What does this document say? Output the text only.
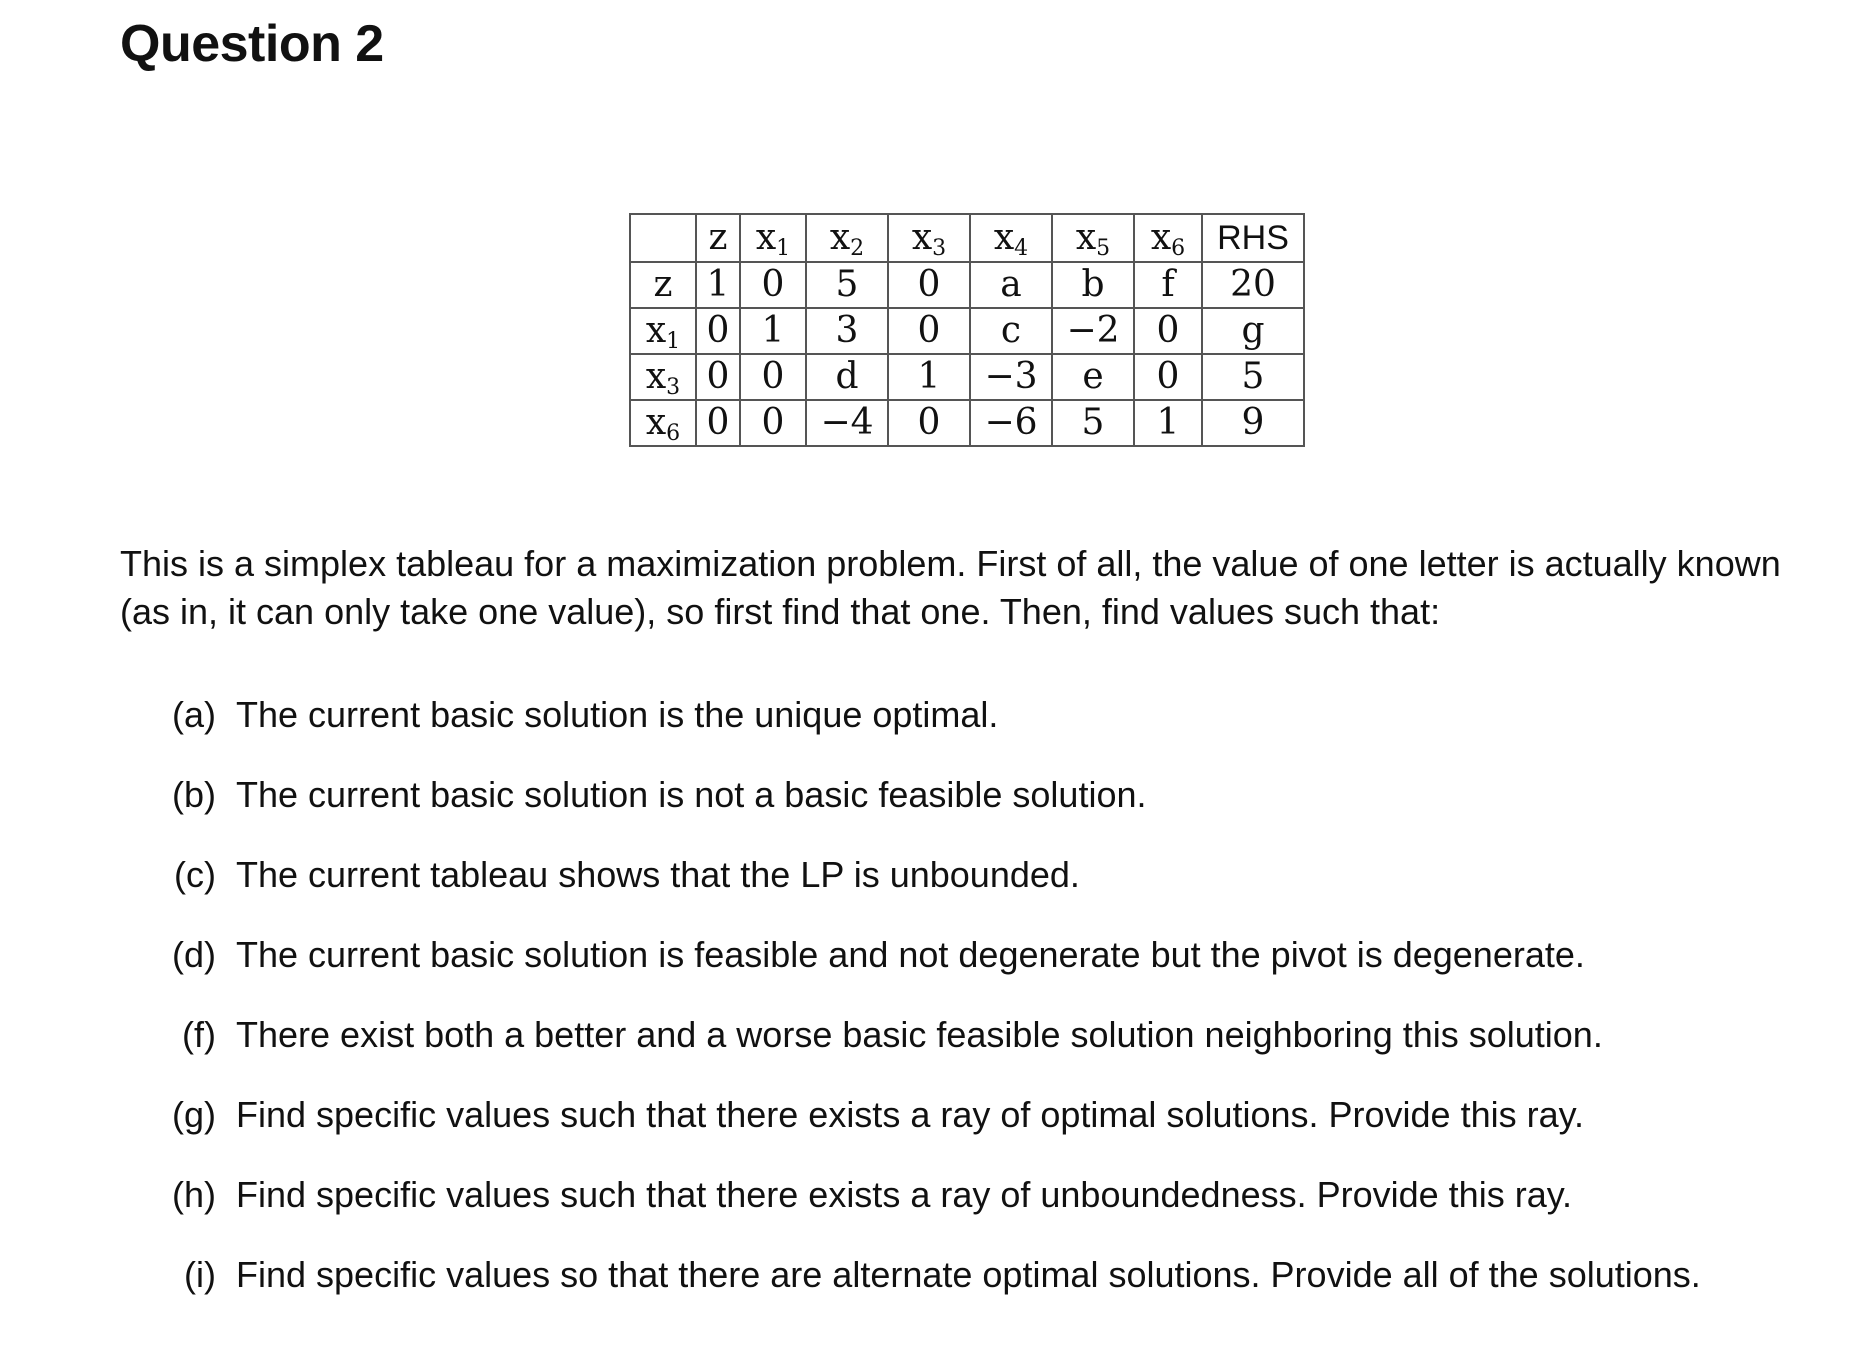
Question 2
	z	$x_1$	$x_2$	$x_3$	$x_4$	$x_5$	$x_6$	RHS
z	1	0	5	0	a	b	f	20
$x_1$	0	1	3	0	c	−2	0	g
$x_3$	0	0	d	1	−3	e	0	5
$x_6$	0	0	−4	0	−6	5	1	9
This is a simplex tableau for a maximization problem. First of all, the value of one letter is actually known (as in, it can only take one value), so first find that one. Then, find values such that:
(a) The current basic solution is the unique optimal.
(b) The current basic solution is not a basic feasible solution.
(c) The current tableau shows that the LP is unbounded.
(d) The current basic solution is feasible and not degenerate but the pivot is degenerate.
(f) There exist both a better and a worse basic feasible solution neighboring this solution.
(g) Find specific values such that there exists a ray of optimal solutions. Provide this ray.
(h) Find specific values such that there exists a ray of unboundedness. Provide this ray.
(i) Find specific values so that there are alternate optimal solutions. Provide all of the solutions.
